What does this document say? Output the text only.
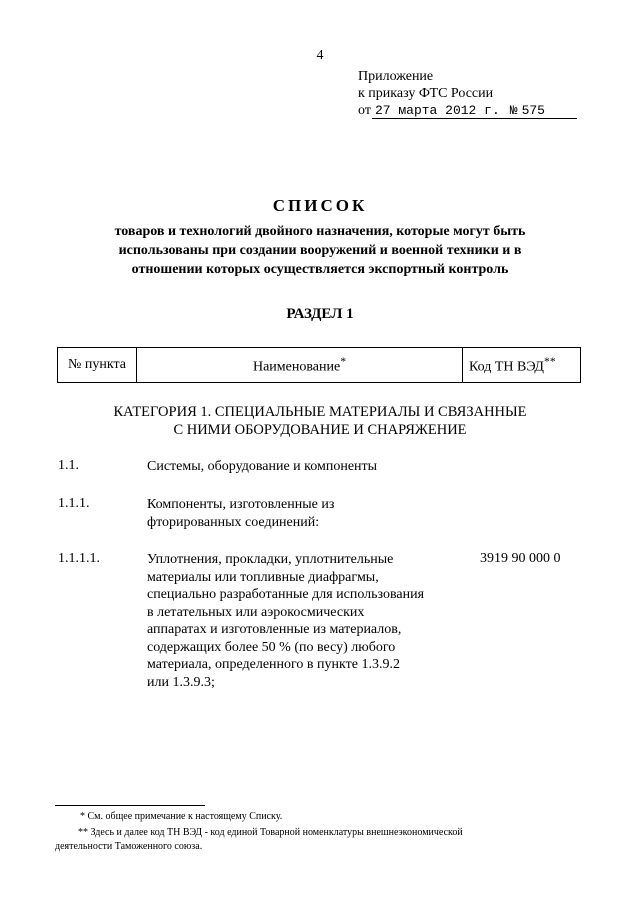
4
Приложение
к приказу ФТС России
от 27 марта 2012 г. № 575
СПИСОК
товаров и технологий двойного назначения, которые могут быть
использованы при создании вооружений и военной техники и в
отношении которых осуществляется экспортный контроль
РАЗДЕЛ 1
№ пункта	Наименование*	Код ТН ВЭД**
КАТЕГОРИЯ 1. СПЕЦИАЛЬНЫЕ МАТЕРИАЛЫ И СВЯЗАННЫЕ
С НИМИ ОБОРУДОВАНИЕ И СНАРЯЖЕНИЕ
1.1.	Системы, оборудование и компоненты
1.1.1.	Компоненты, изготовленные из
фторированных соединений:
1.1.1.1.	Уплотнения, прокладки, уплотнительные
материалы или топливные диафрагмы,
специально разработанные для использования
в летательных или аэрокосмических
аппаратах и изготовленные из материалов,
содержащих более 50 % (по весу) любого
материала, определенного в пункте 1.3.9.2
или 1.3.9.3;
3919 90 000 0
* См. общее примечание к настоящему Списку.
** Здесь и далее код ТН ВЭД - код единой Товарной номенклатуры внешнеэкономической
деятельности Таможенного союза.
